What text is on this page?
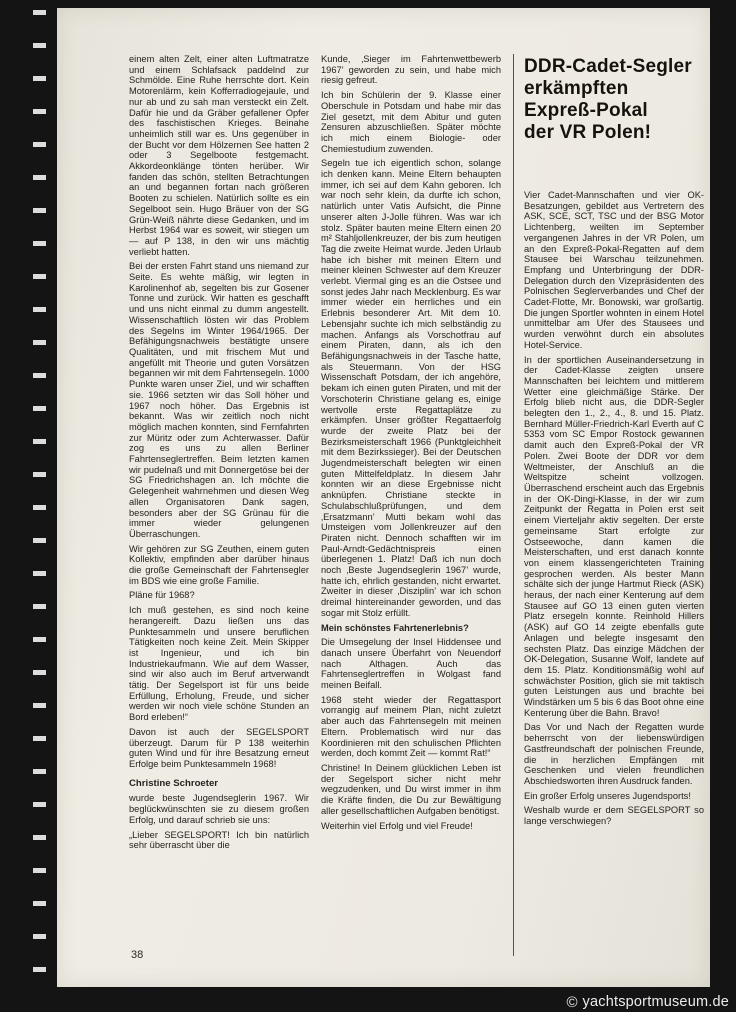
einem alten Zelt, einer alten Luftmatratze und einem Schlafsack paddelnd zur Schmölde. Eine Ruhe herrschte dort. Kein Motorenlärm, kein Kofferradiogejaule, und nur ab und zu sah man versteckt ein Zelt. Dafür hie und da Gräber gefallener Opfer des faschistischen Krieges. Beinahe unheimlich still war es. Uns gegenüber in der Bucht vor dem Hölzernen See hatten 2 oder 3 Segelboote festgemacht. Akkordeonklänge tönten herüber. Wir fanden das schön, stellten Betrachtungen an und begannen fortan nach größeren Booten zu schielen. Natürlich sollte es ein Segelboot sein. Hugo Bräuer von der SG Grün-Weiß nährte diese Gedanken, und im Herbst 1964 war es soweit, wir stiegen um — auf P 138, in den wir uns mächtig verliebt hatten.

Bei der ersten Fahrt stand uns niemand zur Seite. Es wehte mäßig, wir legten in Karolinenhof ab, segelten bis zur Gosener Tonne und zurück. Wir hatten es geschafft und uns nicht einmal zu dumm angestellt. Wissenschaftlich lösten wir das Problem des Segelns im Winter 1964/1965. Der Befähigungsnachweis bestätigte unsere Qualitäten, und mit frischem Mut und angefüllt mit Theorie und guten Vorsätzen begannen wir mit dem Fahrtensegeln. 1000 Punkte waren unser Ziel, und wir schafften sie. 1966 setzten wir das Soll höher und 1967 noch höher. Das Ergebnis ist bekannt. Was wir zeitlich noch nicht möglich machen konnten, sind Fernfahrten zur Müritz oder zum Achterwasser. Dafür zog es uns zu allen Berliner Fahrtenseglertreffen. Beim letzten kamen wir pudelnaß und mit Donnergetöse bei der SG Friedrichshagen an. Ich möchte die Gelegenheit wahrnehmen und diesen Weg allen Organisatoren Dank sagen, besonders aber der SG Grünau für die immer wieder gelungenen Überraschungen.

Wir gehören zur SG Zeuthen, einem guten Kollektiv, empfinden aber darüber hinaus die große Gemeinschaft der Fahrtensegler im BDS wie eine große Familie.

Pläne für 1968?

Ich muß gestehen, es sind noch keine herangereift. Dazu ließen uns das Punktesammeln und unsere beruflichen Tätigkeiten noch keine Zeit. Mein Skipper ist Ingenieur, und ich bin Industriekaufmann. Wie auf dem Wasser, sind wir also auch im Beruf artverwandt tätig. Der Segelsport ist für uns beide Erfüllung, Erholung, Freude, und sicher werden wir noch viele schöne Stunden an Bord erleben!“

Davon ist auch der SEGELSPORT überzeugt. Darum für P 138 weiterhin guten Wind und für ihre Besatzung erneut Erfolge beim Punktesammeln 1968!

Christine Schroeter

wurde beste Jugendseglerin 1967. Wir beglückwünschten sie zu diesem großen Erfolg, und darauf schrieb sie uns:

„Lieber SEGELSPORT! Ich bin natürlich sehr überrascht über die

Kunde, ‚Sieger im Fahrtenwettbewerb 1967’ geworden zu sein, und habe mich riesig gefreut.

Ich bin Schülerin der 9. Klasse einer Oberschule in Potsdam und habe mir das Ziel gesetzt, mit dem Abitur und guten Zensuren abzuschließen. Später möchte ich mich einem Biologie- oder Chemiestudium zuwenden.

Segeln tue ich eigentlich schon, solange ich denken kann. Meine Eltern behaupten immer, ich sei auf dem Kahn geboren. Ich war noch sehr klein, da durfte ich schon, natürlich unter Vatis Aufsicht, die Pinne unserer alten J-Jolle führen. Was war ich stolz. Später bauten meine Eltern einen 20 m² Stahljollenkreuzer, der bis zum heutigen Tag die zweite Heimat wurde. Jeden Urlaub habe ich bisher mit meinen Eltern und meiner kleinen Schwester auf dem Kreuzer verlebt. Viermal ging es an die Ostsee und sonst jedes Jahr nach Mecklenburg. Es war immer wieder ein herrliches und ein Erlebnis besonderer Art. Mit dem 10. Lebensjahr suchte ich mich selbständig zu machen. Anfangs als Vorschotfrau auf einem Piraten, dann, als ich den Befähigungsnachweis in der Tasche hatte, als Steuermann. Von der HSG Wissenschaft Potsdam, der ich angehöre, bekam ich einen guten Piraten, und mit der Vorschoterin Christiane gelang es, einige wertvolle erste Regattaplätze zu erkämpfen. Unser größter Regattaerfolg wurde der zweite Platz bei der Bezirksmeisterschaft 1966 (Punktgleichheit mit dem Bezirkssieger). Bei der Deutschen Jugendmeisterschaft belegten wir einen guten Mittelfeldplatz. In diesem Jahr konnten wir an diese Ergebnisse nicht anknüpfen. Christiane steckte in Schulabschlußprüfungen, und dem ‚Ersatzmann’ Mutti bekam wohl das Umsteigen vom Jollenkreuzer auf den Piraten nicht. Dennoch schafften wir im Paul-Arndt-Gedächtnispreis einen überlegenen 1. Platz! Daß ich nun doch noch ‚Beste Jugendseglerin 1967’ wurde, hatte ich, ehrlich gestanden, nicht erwartet. Zweiter in dieser ‚Disziplin’ war ich schon dreimal hintereinander geworden, und das sogar mit Stolz erfüllt.

Mein schönstes Fahrtenerlebnis?

Die Umsegelung der Insel Hiddensee und danach unsere Überfahrt von Neuendorf nach Althagen. Auch das Fahrtenseglertreffen in Wolgast fand meinen Beifall.

1968 steht wieder der Regattasport vorrangig auf meinem Plan, nicht zuletzt aber auch das Fahrtensegeln mit meinen Eltern. Problematisch wird nur das Koordinieren mit den schulischen Pflichten werden, doch kommt Zeit — kommt Rat!“

Christine! In Deinem glücklichen Leben ist der Segelsport sicher nicht mehr wegzudenken, und Du wirst immer in ihm die Kräfte finden, die Du zur Bewältigung aller gesellschaftlichen Aufgaben benötigst.

Weiterhin viel Erfolg und viel Freude!

DDR-Cadet-Segler
erkämpften
Expreß-Pokal
der VR Polen!

Vier Cadet-Mannschaften und vier OK-Besatzungen, gebildet aus Vertretern des ASK, SCE, SCT, TSC und der BSG Motor Lichtenberg, weilten im September vergangenen Jahres in der VR Polen, um an den Expreß-Pokal-Regatten auf dem Stausee bei Warschau teilzunehmen. Empfang und Unterbringung der DDR-Delegation durch den Vizepräsidenten des Polnischen Seglerverbandes und Chef der Cadet-Flotte, Mr. Bonowski, war großartig. Die jungen Sportler wohnten in einem Hotel unmittelbar am Ufer des Stausees und wurden verwöhnt durch ein absolutes Hotel-Service.

In der sportlichen Auseinandersetzung in der Cadet-Klasse zeigten unsere Mannschaften bei leichtem und mittlerem Wetter eine gleichmäßige Stärke. Der Erfolg blieb nicht aus, die DDR-Segler belegten den 1., 2., 4., 8. und 15. Platz. Bernhard Müller-Friedrich-Karl Everth auf C 5353 vom SC Empor Rostock gewannen damit auch den Expreß-Pokal der VR Polen. Zwei Boote der DDR vor dem Weltmeister, der Anschluß an die Weltspitze scheint vollzogen. Überraschend erscheint auch das Ergebnis in der OK-Dingi-Klasse, in der wir zum Zeitpunkt der Regatta in Polen erst seit einem Vierteljahr aktiv segelten. Der erste gemeinsame Start erfolgte zur Ostseewoche, dann kamen die Meisterschaften, und erst danach konnte von einem klassengerichteten Training gesprochen werden. Als bester Mann schälte sich der junge Hartmut Rieck (ASK) heraus, der nach einer Kenterung auf dem Stausee auf GO 13 einen guten vierten Platz ersegeln konnte. Reinhold Hillers (ASK) auf GO 14 zeigte ebenfalls gute Anlagen und belegte insgesamt den sechsten Platz. Das einzige Mädchen der OK-Delegation, Susanne Wolf, landete auf dem 15. Platz. Konditionsmäßig wohl auf schwächster Position, glich sie mit taktisch guten Leistungen aus und brachte bei Windstärken um 5 bis 6 das Boot ohne eine Kenterung über die Bahn. Bravo!

Das Vor und Nach der Regatten wurde beherrscht von der liebenswürdigen Gastfreundschaft der polnischen Freunde, die in herzlichen Empfängen mit Geschenken und vielen freundlichen Abschiedsworten ihren Ausdruck fanden.

Ein großer Erfolg unseres Jugendsports!

Weshalb wurde er dem SEGELSPORT so lange verschwiegen?

38
© yachtsportmuseum.de
